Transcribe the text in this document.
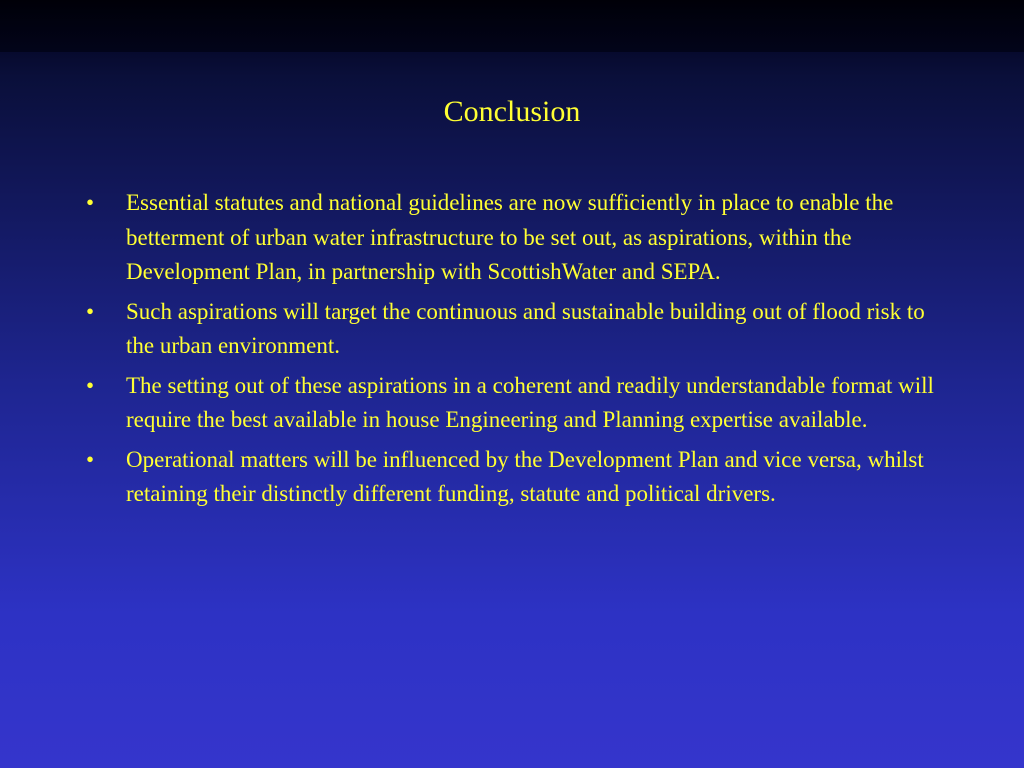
Conclusion
•	Essential statutes and national guidelines are now sufficiently in place to enable the betterment of urban water infrastructure to be set out, as aspirations, within the Development Plan, in partnership with ScottishWater and SEPA.
•	Such aspirations will target the continuous and sustainable building out of flood risk to the urban environment.
•	The setting out of these aspirations in a coherent and readily understandable format will require the best available in house Engineering and Planning expertise available.
•	Operational matters will be influenced by the Development Plan and vice versa, whilst retaining their distinctly different funding, statute and political drivers.
